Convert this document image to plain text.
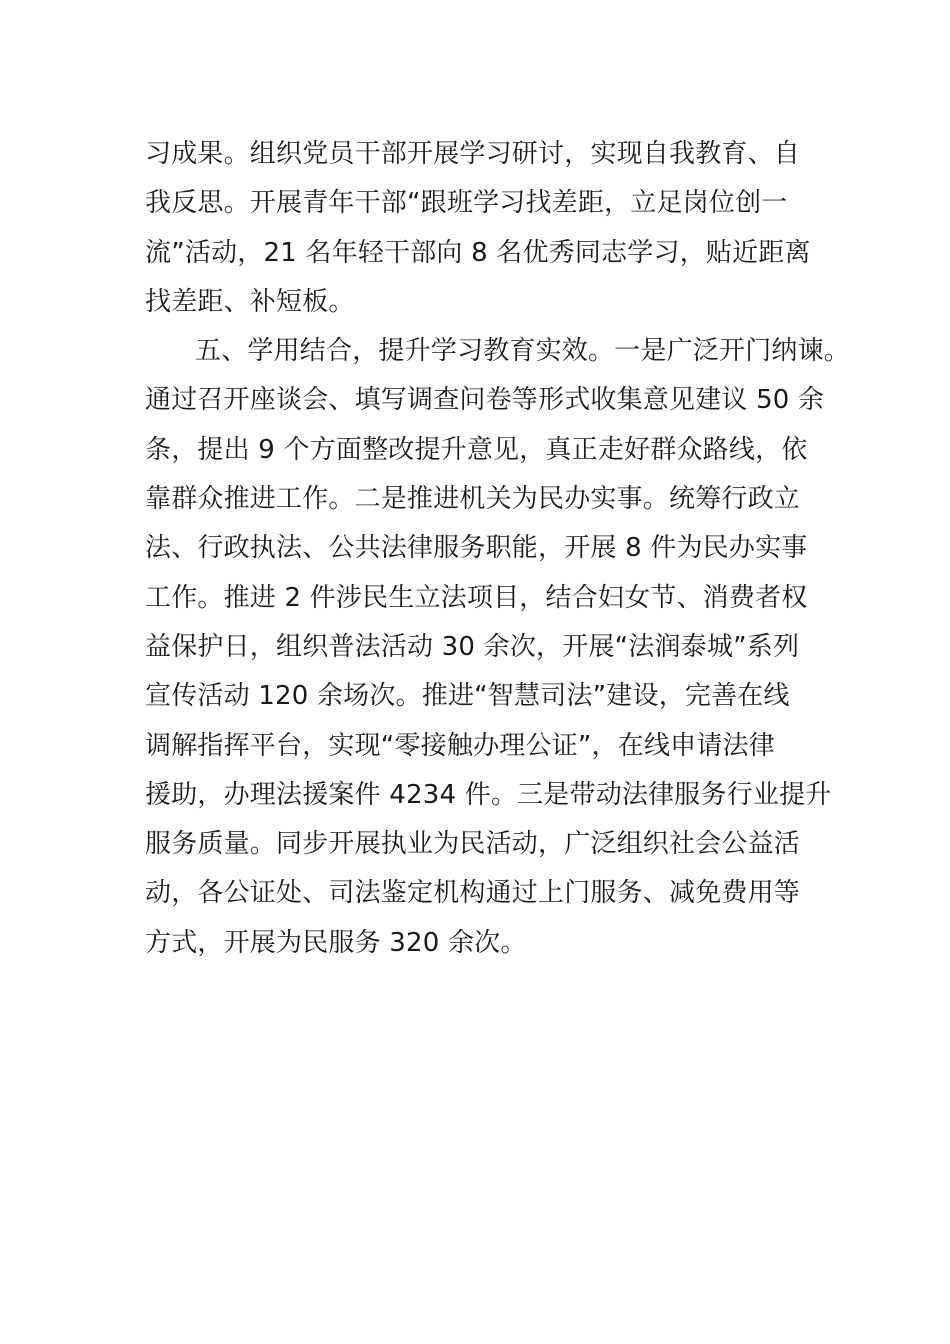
习成果。组织党员干部开展学习研讨，实现自我教育、自
我反思。开展青年干部“跟班学习找差距，立足岗位创一
流”活动，21 名年轻干部向 8 名优秀同志学习，贴近距离
找差距、补短板。
五、学用结合，提升学习教育实效。一是广泛开门纳谏。
通过召开座谈会、填写调查问卷等形式收集意见建议 50 余
条，提出 9 个方面整改提升意见，真正走好群众路线，依
靠群众推进工作。二是推进机关为民办实事。统筹行政立
法、行政执法、公共法律服务职能，开展 8 件为民办实事
工作。推进 2 件涉民生立法项目，结合妇女节、消费者权
益保护日，组织普法活动 30 余次，开展“法润泰城”系列
宣传活动 120 余场次。推进“智慧司法”建设，完善在线
调解指挥平台，实现“零接触办理公证”，在线申请法律
援助，办理法援案件 4234 件。三是带动法律服务行业提升
服务质量。同步开展执业为民活动，广泛组织社会公益活
动，各公证处、司法鉴定机构通过上门服务、减免费用等
方式，开展为民服务 320 余次。
